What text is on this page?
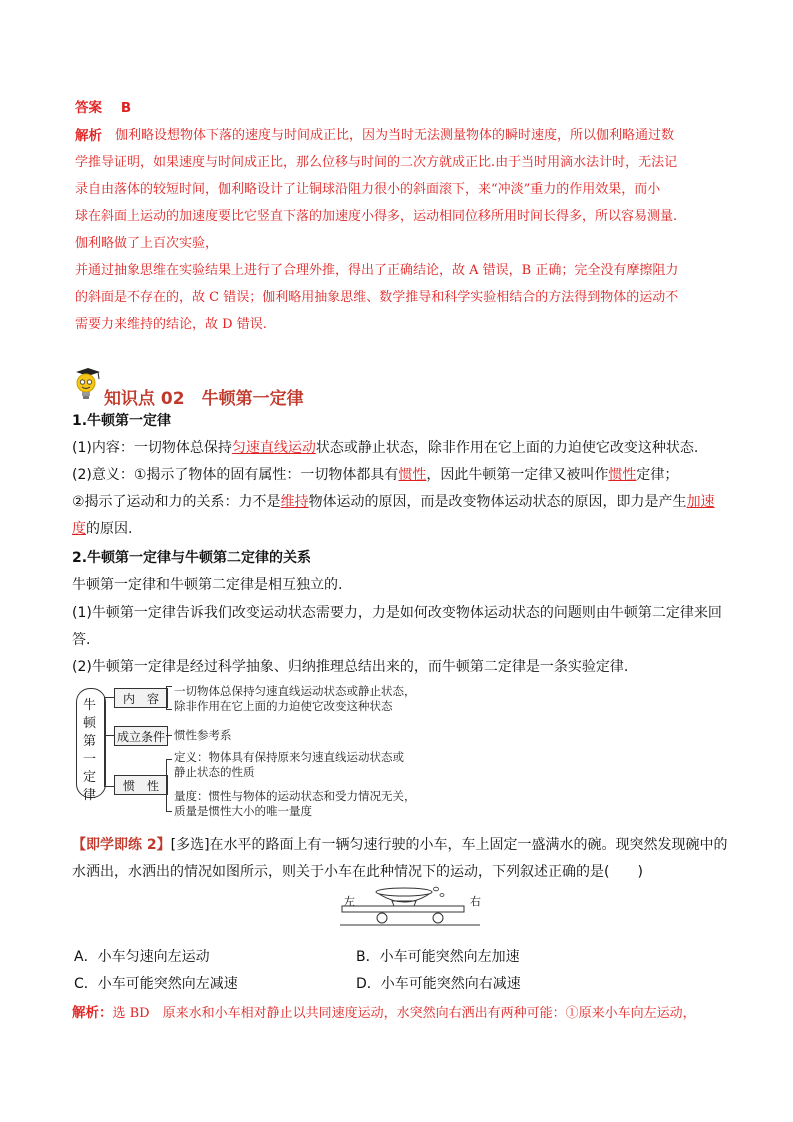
答案 B
解析 伽利略设想物体下落的速度与时间成正比，因为当时无法测量物体的瞬时速度，所以伽利略通过数
学推导证明，如果速度与时间成正比，那么位移与时间的二次方就成正比.由于当时用滴水法计时，无法记
录自由落体的较短时间，伽利略设计了让铜球沿阻力很小的斜面滚下，来“冲淡”重力的作用效果，而小
球在斜面上运动的加速度要比它竖直下落的加速度小得多，运动相同位移所用时间长得多，所以容易测量.
伽利略做了上百次实验，
并通过抽象思维在实验结果上进行了合理外推，得出了正确结论，故 A 错误，B 正确；完全没有摩擦阻力
的斜面是不存在的，故 C 错误；伽利略用抽象思维、数学推导和科学实验相结合的方法得到物体的运动不
需要力来维持的结论，故 D 错误.
知识点 02　牛顿第一定律
1.牛顿第一定律
(1)内容：一切物体总保持匀速直线运动状态或静止状态，除非作用在它上面的力迫使它改变这种状态.
(2)意义：①揭示了物体的固有属性：一切物体都具有惯性，因此牛顿第一定律又被叫作惯性定律；
②揭示了运动和力的关系：力不是维持物体运动的原因，而是改变物体运动状态的原因，即力是产生加速
度的原因.
2.牛顿第一定律与牛顿第二定律的关系
牛顿第一定律和牛顿第二定律是相互独立的.
(1)牛顿第一定律告诉我们改变运动状态需要力，力是如何改变物体运动状态的问题则由牛顿第二定律来回
答.
(2)牛顿第一定律是经过科学抽象、归纳推理总结出来的，而牛顿第二定律是一条实验定律.
牛顿第一定律
内　容
成立条件
惯　性
一切物体总保持匀速直线运动状态或静止状态，
除非作用在它上面的力迫使它改变这种状态
惯性参考系
定义：物体具有保持原来匀速直线运动状态或
静止状态的性质
量度：惯性与物体的运动状态和受力情况无关，
质量是惯性大小的唯一量度
【即学即练 2】[多选]在水平的路面上有一辆匀速行驶的小车，车上固定一盛满水的碗。现突然发现碗中的
水洒出，水洒出的情况如图所示，则关于小车在此种情况下的运动，下列叙述正确的是(　　)
左	右
A．小车匀速向左运动	B．小车可能突然向左加速
C．小车可能突然向左减速	D．小车可能突然向右减速
解析：选 BD　原来水和小车相对静止以共同速度运动，水突然向右洒出有两种可能：①原来小车向左运动，
